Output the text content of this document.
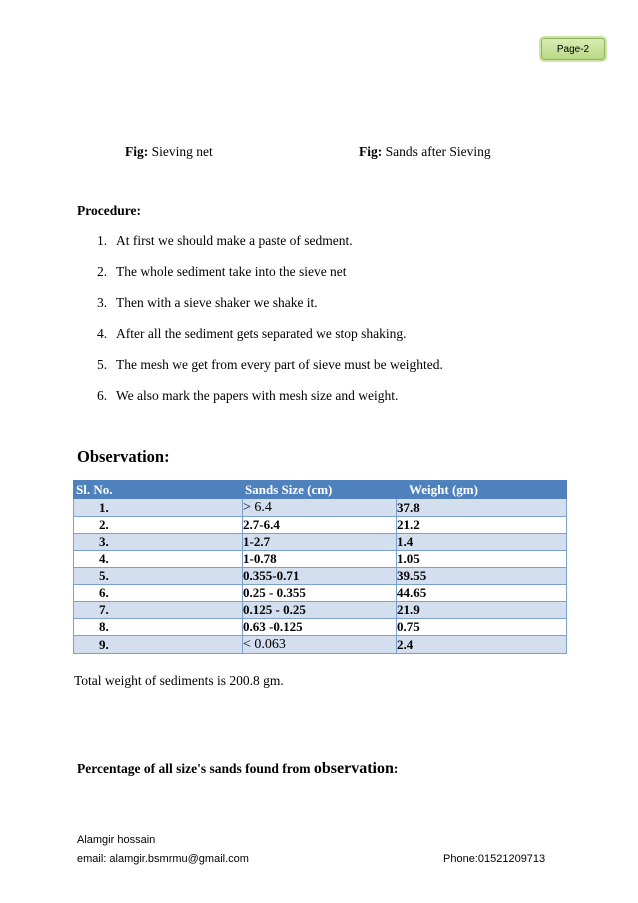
Page-2
Fig: Sieving net	Fig: Sands after Sieving
Procedure:
1. At first we should make a paste of sedment.
2. The whole sediment take into the sieve net
3. Then with a sieve shaker we shake it.
4. After all the sediment gets separated we stop shaking.
5. The mesh we get from every part of sieve must be weighted.
6. We also mark the papers with mesh size and weight.
Observation:
Sl. No.	Sands Size (cm)	Weight (gm)
1.	> 6.4	37.8
2.	2.7-6.4	21.2
3.	1-2.7	1.4
4.	1-0.78	1.05
5.	0.355-0.71	39.55
6.	0.25 - 0.355	44.65
7.	0.125 - 0.25	21.9
8.	0.63 -0.125	0.75
9.	< 0.063	2.4
Total weight of sediments is 200.8 gm.
Percentage of all size's sands found from observation:
Alamgir hossain
email: alamgir.bsmrmu@gmail.com	Phone:01521209713
